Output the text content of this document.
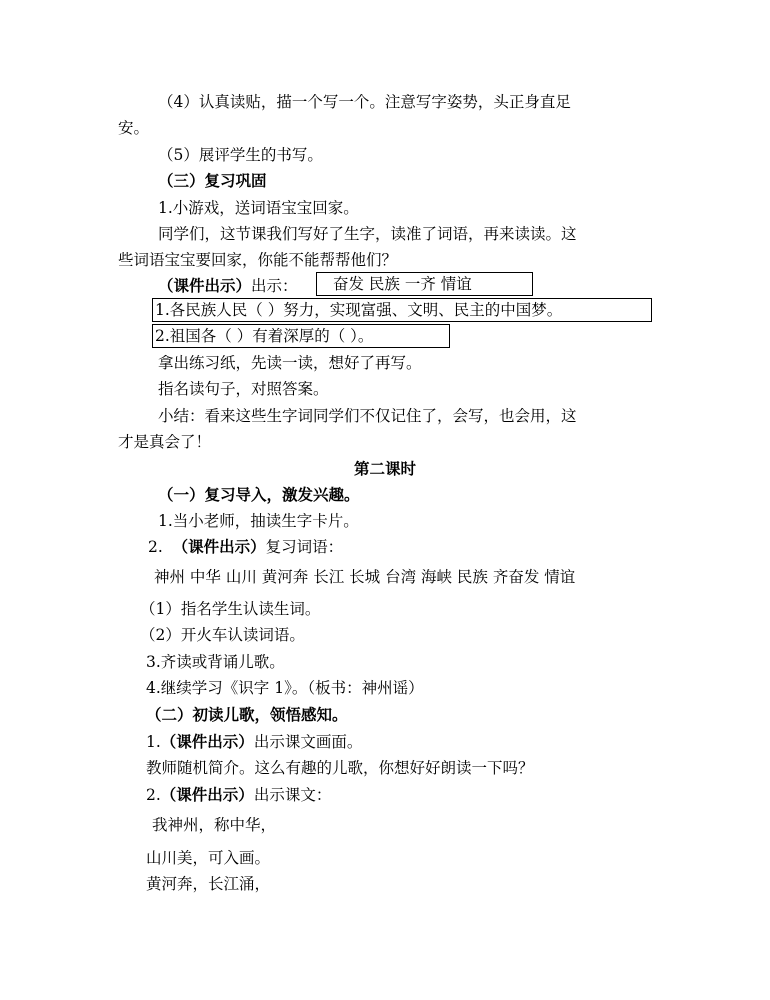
（4）认真读贴，描一个写一个。注意写字姿势，头正身直足
安。
（5）展评学生的书写。
（三）复习巩固
1.小游戏，送词语宝宝回家。
同学们，这节课我们写好了生字，读准了词语，再来读读。这
些词语宝宝要回家，你能不能帮帮他们？
（课件出示）出示：	奋发 民族 一齐 情谊
1.各民族人民（ ）努力，实现富强、文明、民主的中国梦。
2.祖国各（ ）有着深厚的（ ）。
拿出练习纸，先读一读，想好了再写。
指名读句子，对照答案。
小结：看来这些生字词同学们不仅记住了，会写，也会用，这
才是真会了！
第二课时
（一）复习导入，激发兴趣。
1.当小老师，抽读生字卡片。
2. （课件出示）复习词语：
神州 中华 山川 黄河奔 长江 长城 台湾 海峡 民族 齐奋发 情谊
（1）指名学生认读生词。
（2）开火车认读词语。
3.齐读或背诵儿歌。
4.继续学习《识字 1》。（板书：神州谣）
（二）初读儿歌，领悟感知。
1.（课件出示）出示课文画面。
教师随机简介。这么有趣的儿歌，你想好好朗读一下吗？
2.（课件出示）出示课文：
我神州，称中华，
山川美，可入画。
黄河奔，长江涌，
